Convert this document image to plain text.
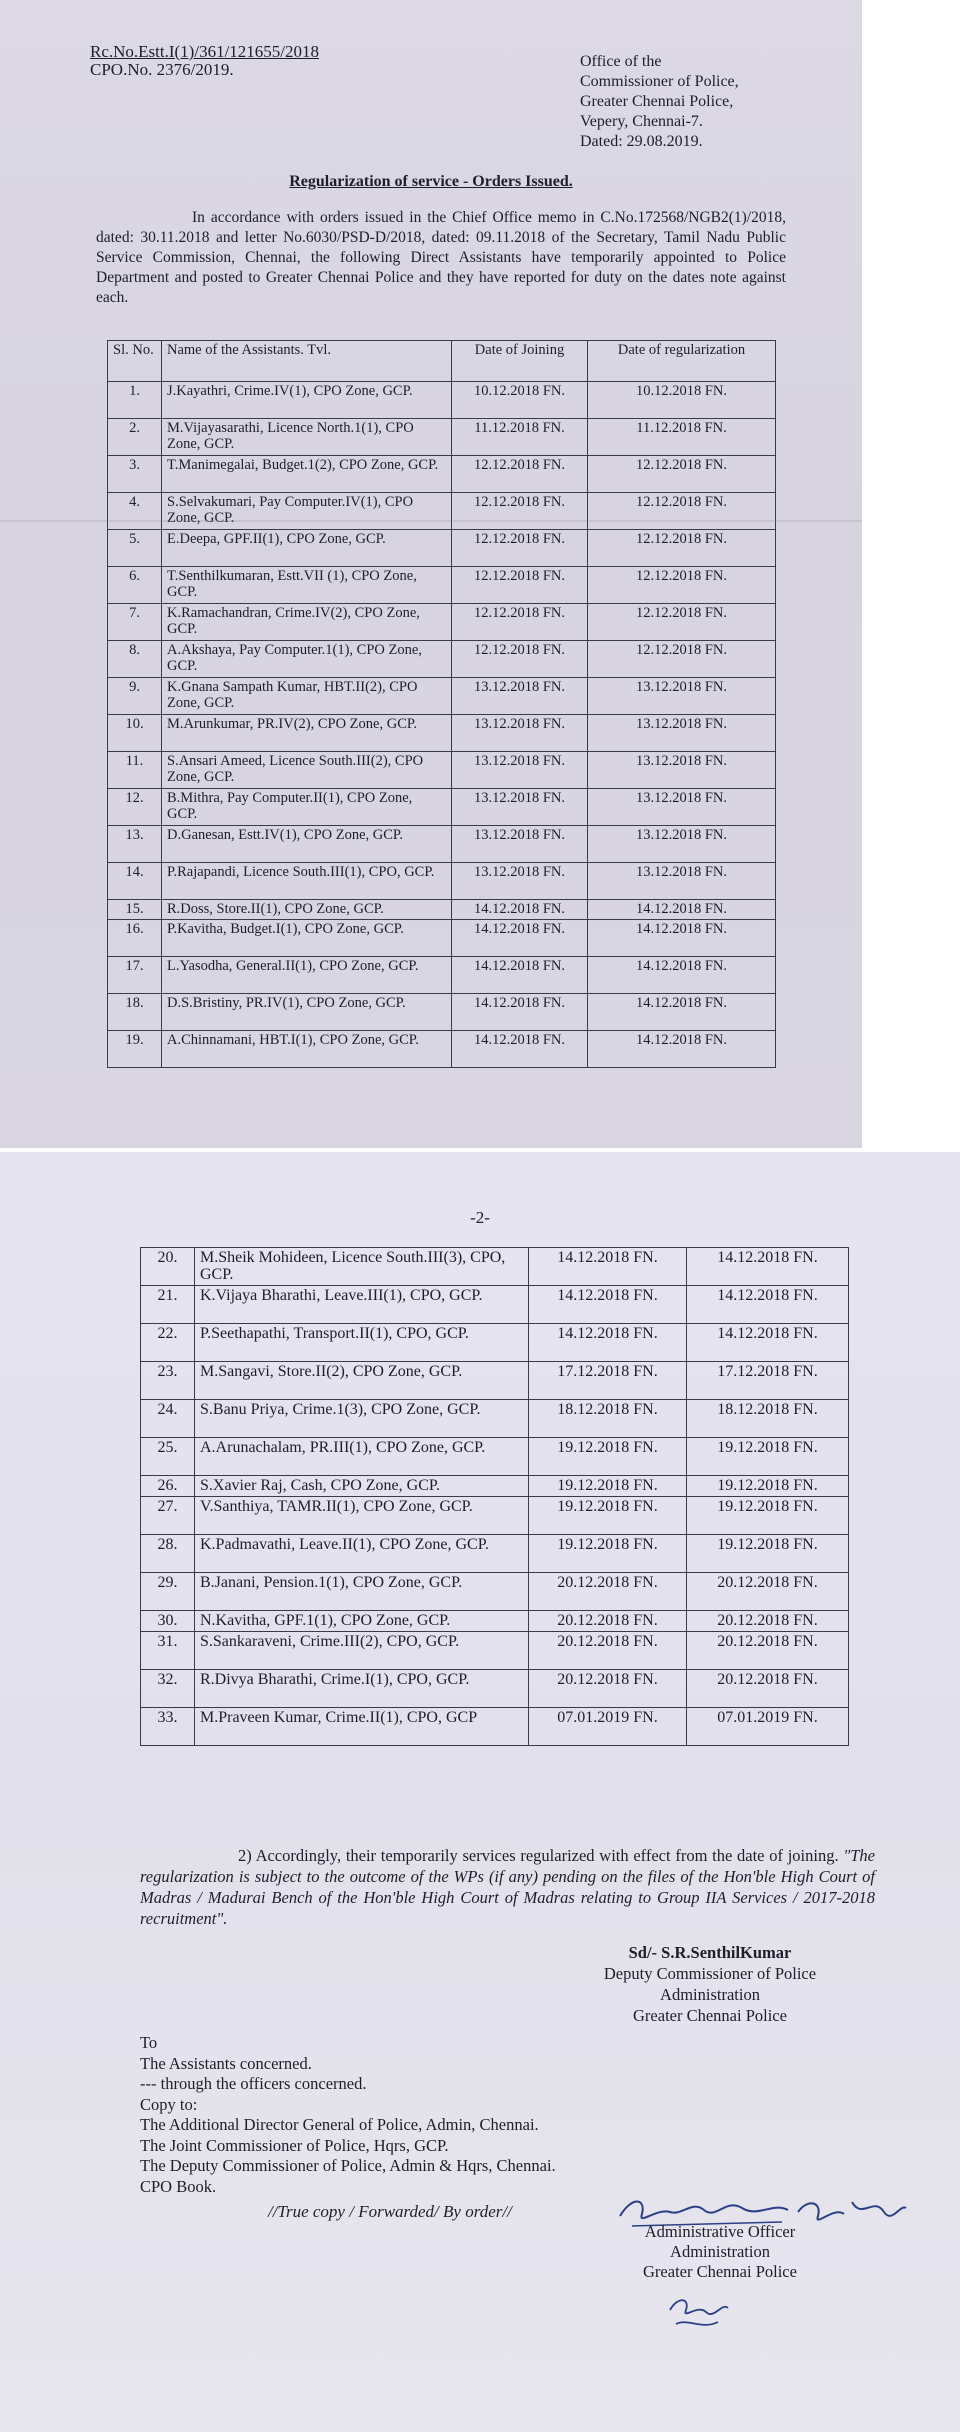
Rc.No.Estt.I(1)/361/121655/2018
CPO.No. 2376/2019.	Office of the
Commissioner of Police,
Greater Chennai Police,
Vepery, Chennai-7.
Dated: 29.08.2019.
Regularization of service - Orders Issued.
In accordance with orders issued in the Chief Office memo in C.No.172568/NGB2(1)/2018, dated: 30.11.2018 and letter No.6030/PSD-D/2018, dated: 09.11.2018 of the Secretary, Tamil Nadu Public Service Commission, Chennai, the following Direct Assistants have temporarily appointed to Police Department and posted to Greater Chennai Police and they have reported for duty on the dates note against each.
Sl. No.	Name of the Assistants. Tvl.	Date of Joining	Date of regularization
1.	J.Kayathri, Crime.IV(1), CPO Zone, GCP.	10.12.2018 FN.	10.12.2018 FN.
2.	M.Vijayasarathi, Licence North.1(1), CPO Zone, GCP.	11.12.2018 FN.	11.12.2018 FN.
3.	T.Manimegalai, Budget.1(2), CPO Zone, GCP.	12.12.2018 FN.	12.12.2018 FN.
4.	S.Selvakumari, Pay Computer.IV(1), CPO Zone, GCP.	12.12.2018 FN.	12.12.2018 FN.
5.	E.Deepa, GPF.II(1), CPO Zone, GCP.	12.12.2018 FN.	12.12.2018 FN.
6.	T.Senthilkumaran, Estt.VII (1), CPO Zone, GCP.	12.12.2018 FN.	12.12.2018 FN.
7.	K.Ramachandran, Crime.IV(2), CPO Zone, GCP.	12.12.2018 FN.	12.12.2018 FN.
8.	A.Akshaya, Pay Computer.1(1), CPO Zone, GCP.	12.12.2018 FN.	12.12.2018 FN.
9.	K.Gnana Sampath Kumar, HBT.II(2), CPO Zone, GCP.	13.12.2018 FN.	13.12.2018 FN.
10.	M.Arunkumar, PR.IV(2), CPO Zone, GCP.	13.12.2018 FN.	13.12.2018 FN.
11.	S.Ansari Ameed, Licence South.III(2), CPO Zone, GCP.	13.12.2018 FN.	13.12.2018 FN.
12.	B.Mithra, Pay Computer.II(1), CPO Zone, GCP.	13.12.2018 FN.	13.12.2018 FN.
13.	D.Ganesan, Estt.IV(1), CPO Zone, GCP.	13.12.2018 FN.	13.12.2018 FN.
14.	P.Rajapandi, Licence South.III(1), CPO, GCP.	13.12.2018 FN.	13.12.2018 FN.
15.	R.Doss, Store.II(1), CPO Zone, GCP.	14.12.2018 FN.	14.12.2018 FN.
16.	P.Kavitha, Budget.I(1), CPO Zone, GCP.	14.12.2018 FN.	14.12.2018 FN.
17.	L.Yasodha, General.II(1), CPO Zone, GCP.	14.12.2018 FN.	14.12.2018 FN.
18.	D.S.Bristiny, PR.IV(1), CPO Zone, GCP.	14.12.2018 FN.	14.12.2018 FN.
19.	A.Chinnamani, HBT.I(1), CPO Zone, GCP.	14.12.2018 FN.	14.12.2018 FN.
-2-
20.	M.Sheik Mohideen, Licence South.III(3), CPO, GCP.	14.12.2018 FN.	14.12.2018 FN.
21.	K.Vijaya Bharathi, Leave.III(1), CPO, GCP.	14.12.2018 FN.	14.12.2018 FN.
22.	P.Seethapathi, Transport.II(1), CPO, GCP.	14.12.2018 FN.	14.12.2018 FN.
23.	M.Sangavi, Store.II(2), CPO Zone, GCP.	17.12.2018 FN.	17.12.2018 FN.
24.	S.Banu Priya, Crime.1(3), CPO Zone, GCP.	18.12.2018 FN.	18.12.2018 FN.
25.	A.Arunachalam, PR.III(1), CPO Zone, GCP.	19.12.2018 FN.	19.12.2018 FN.
26.	S.Xavier Raj, Cash, CPO Zone, GCP.	19.12.2018 FN.	19.12.2018 FN.
27.	V.Santhiya, TAMR.II(1), CPO Zone, GCP.	19.12.2018 FN.	19.12.2018 FN.
28.	K.Padmavathi, Leave.II(1), CPO Zone, GCP.	19.12.2018 FN.	19.12.2018 FN.
29.	B.Janani, Pension.1(1), CPO Zone, GCP.	20.12.2018 FN.	20.12.2018 FN.
30.	N.Kavitha, GPF.1(1), CPO Zone, GCP.	20.12.2018 FN.	20.12.2018 FN.
31.	S.Sankaraveni, Crime.III(2), CPO, GCP.	20.12.2018 FN.	20.12.2018 FN.
32.	R.Divya Bharathi, Crime.I(1), CPO, GCP.	20.12.2018 FN.	20.12.2018 FN.
33.	M.Praveen Kumar, Crime.II(1), CPO, GCP	07.01.2019 FN.	07.01.2019 FN.
2) Accordingly, their temporarily services regularized with effect from the date of joining. "The regularization is subject to the outcome of the WPs (if any) pending on the files of the Hon'ble High Court of Madras / Madurai Bench of the Hon'ble High Court of Madras relating to Group IIA Services / 2017-2018 recruitment".
Sd/- S.R.SenthilKumar
Deputy Commissioner of Police
Administration
Greater Chennai Police
To
The Assistants concerned.
--- through the officers concerned.
Copy to:
The Additional Director General of Police, Admin, Chennai.
The Joint Commissioner of Police, Hqrs, GCP.
The Deputy Commissioner of Police, Admin & Hqrs, Chennai.
CPO Book.
//True copy / Forwarded/ By order//
Administrative Officer
Administration
Greater Chennai Police
